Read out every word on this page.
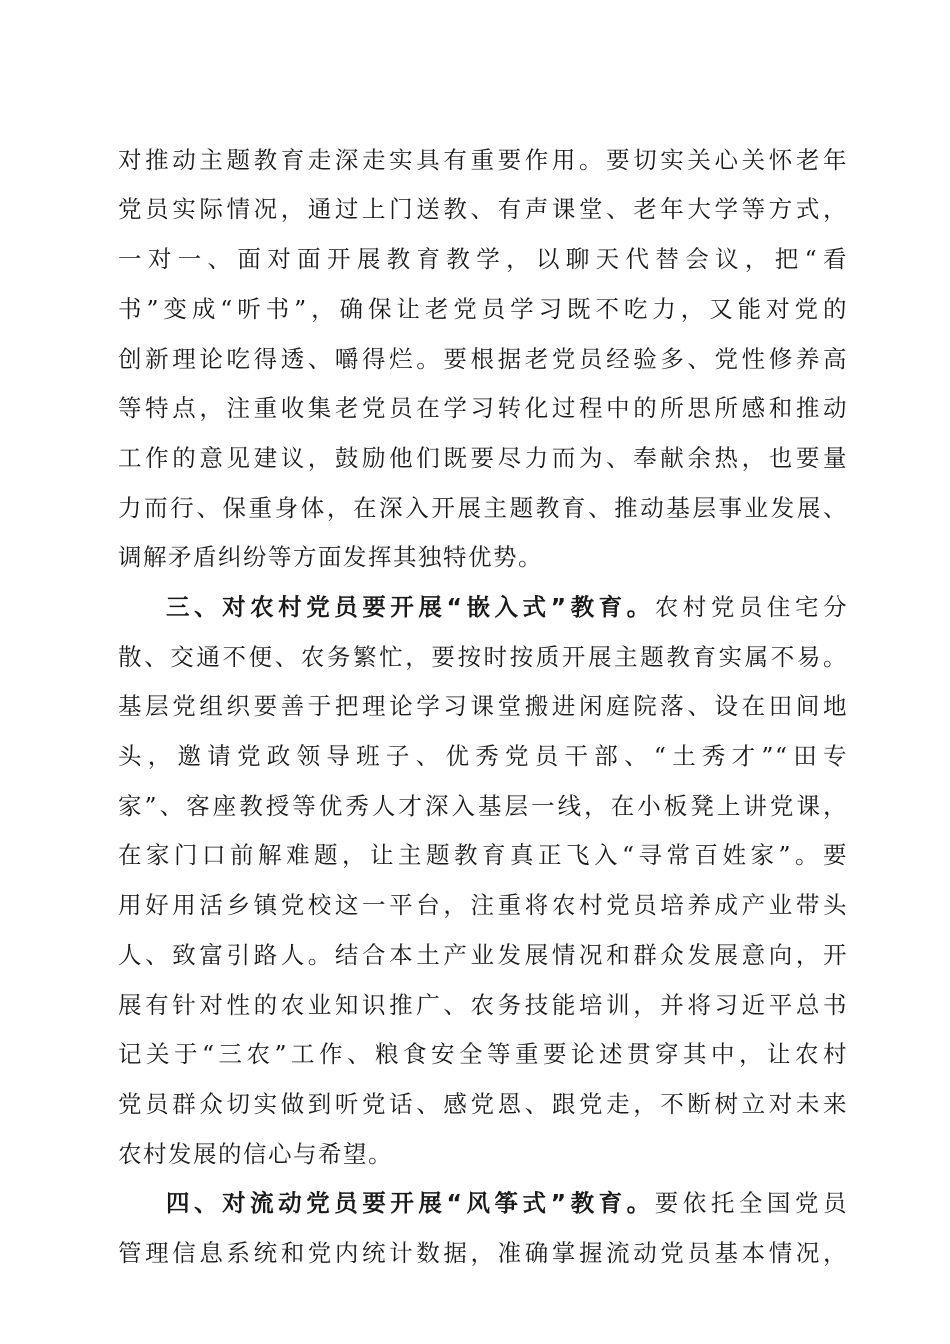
对推动主题教育走深走实具有重要作用。要切实关心关怀老年
党员实际情况，通过上门送教、有声课堂、老年大学等方式，
一对一、面对面开展教育教学，以聊天代替会议，把“看
书”变成“听书”，确保让老党员学习既不吃力，又能对党的
创新理论吃得透、嚼得烂。要根据老党员经验多、党性修养高
等特点，注重收集老党员在学习转化过程中的所思所感和推动
工作的意见建议，鼓励他们既要尽力而为、奉献余热，也要量
力而行、保重身体，在深入开展主题教育、推动基层事业发展、
调解矛盾纠纷等方面发挥其独特优势。
三、对农村党员要开展“嵌入式”教育。农村党员住宅分
散、交通不便、农务繁忙，要按时按质开展主题教育实属不易。
基层党组织要善于把理论学习课堂搬进闲庭院落、设在田间地
头，邀请党政领导班子、优秀党员干部、“土秀才”“田专
家”、客座教授等优秀人才深入基层一线，在小板凳上讲党课，
在家门口前解难题，让主题教育真正飞入“寻常百姓家”。要
用好用活乡镇党校这一平台，注重将农村党员培养成产业带头
人、致富引路人。结合本土产业发展情况和群众发展意向，开
展有针对性的农业知识推广、农务技能培训，并将习近平总书
记关于“三农”工作、粮食安全等重要论述贯穿其中，让农村
党员群众切实做到听党话、感党恩、跟党走，不断树立对未来
农村发展的信心与希望。
四、对流动党员要开展“风筝式”教育。要依托全国党员
管理信息系统和党内统计数据，准确掌握流动党员基本情况，
